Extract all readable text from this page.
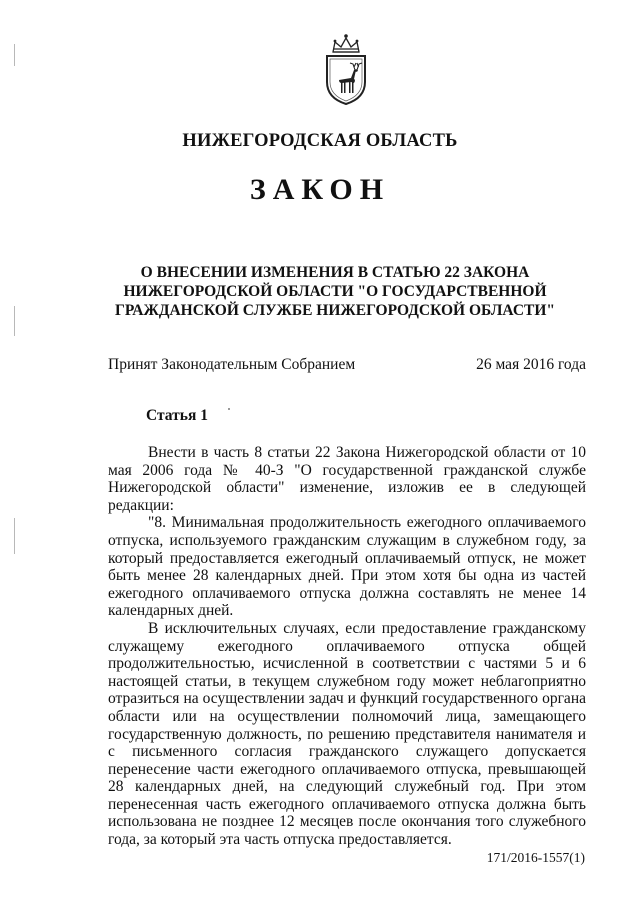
НИЖЕГОРОДСКАЯ ОБЛАСТЬ
ЗАКОН
О ВНЕСЕНИИ ИЗМЕНЕНИЯ В СТАТЬЮ 22 ЗАКОНА
НИЖЕГОРОДСКОЙ ОБЛАСТИ "О ГОСУДАРСТВЕННОЙ
ГРАЖДАНСКОЙ СЛУЖБЕ НИЖЕГОРОДСКОЙ ОБЛАСТИ"
Принят Законодательным Собранием	26 мая 2016 года
Статья 1

Внести в часть 8 статьи 22 Закона Нижегородской области от 10 мая 2006 года № 40-З "О государственной гражданской службе Нижегородской области" изменение, изложив ее в следующей редакции:

"8. Минимальная продолжительность ежегодного оплачиваемого отпуска, используемого гражданским служащим в служебном году, за который предоставляется ежегодный оплачиваемый отпуск, не может быть менее 28 календарных дней. При этом хотя бы одна из частей ежегодного оплачиваемого отпуска должна составлять не менее 14 календарных дней.

В исключительных случаях, если предоставление гражданскому служащему ежегодного оплачиваемого отпуска общей продолжительностью, исчисленной в соответствии с частями 5 и 6 настоящей статьи, в текущем служебном году может неблагоприятно отразиться на осуществлении задач и функций государственного органа области или на осуществлении полномочий лица, замещающего государственную должность, по решению представителя нанимателя и с письменного согласия гражданского служащего допускается перенесение части ежегодного оплачиваемого отпуска, превышающей 28 календарных дней, на следующий служебный год. При этом перенесенная часть ежегодного оплачиваемого отпуска должна быть использована не позднее 12 месяцев после окончания того служебного года, за который эта часть отпуска предоставляется.

171/2016-1557(1)
